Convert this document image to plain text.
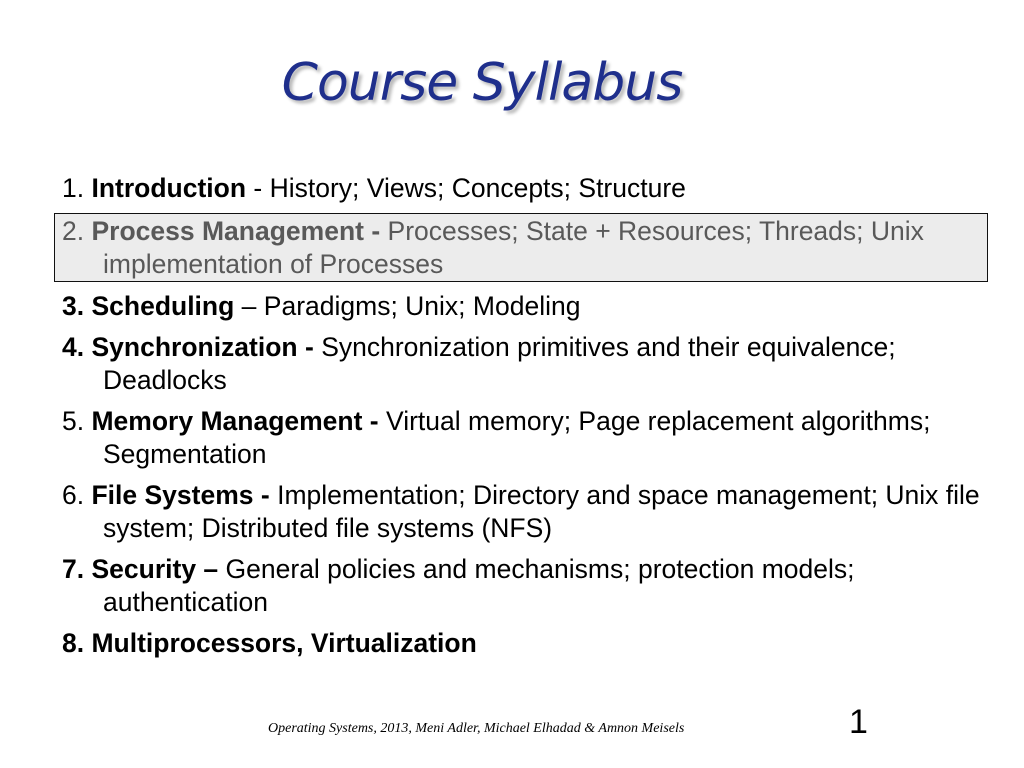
Course Syllabus
1. Introduction - History; Views; Concepts; Structure
2. Process Management - Processes; State + Resources; Threads; Unix implementation of Processes
3. Scheduling – Paradigms; Unix; Modeling
4. Synchronization - Synchronization primitives and their equivalence; Deadlocks
5. Memory Management - Virtual memory; Page replacement algorithms; Segmentation
6. File Systems - Implementation; Directory and space management; Unix file system; Distributed file systems (NFS)
7. Security – General policies and mechanisms; protection models; authentication
8. Multiprocessors, Virtualization
Operating Systems, 2013, Meni Adler, Michael Elhadad & Amnon Meisels	1
